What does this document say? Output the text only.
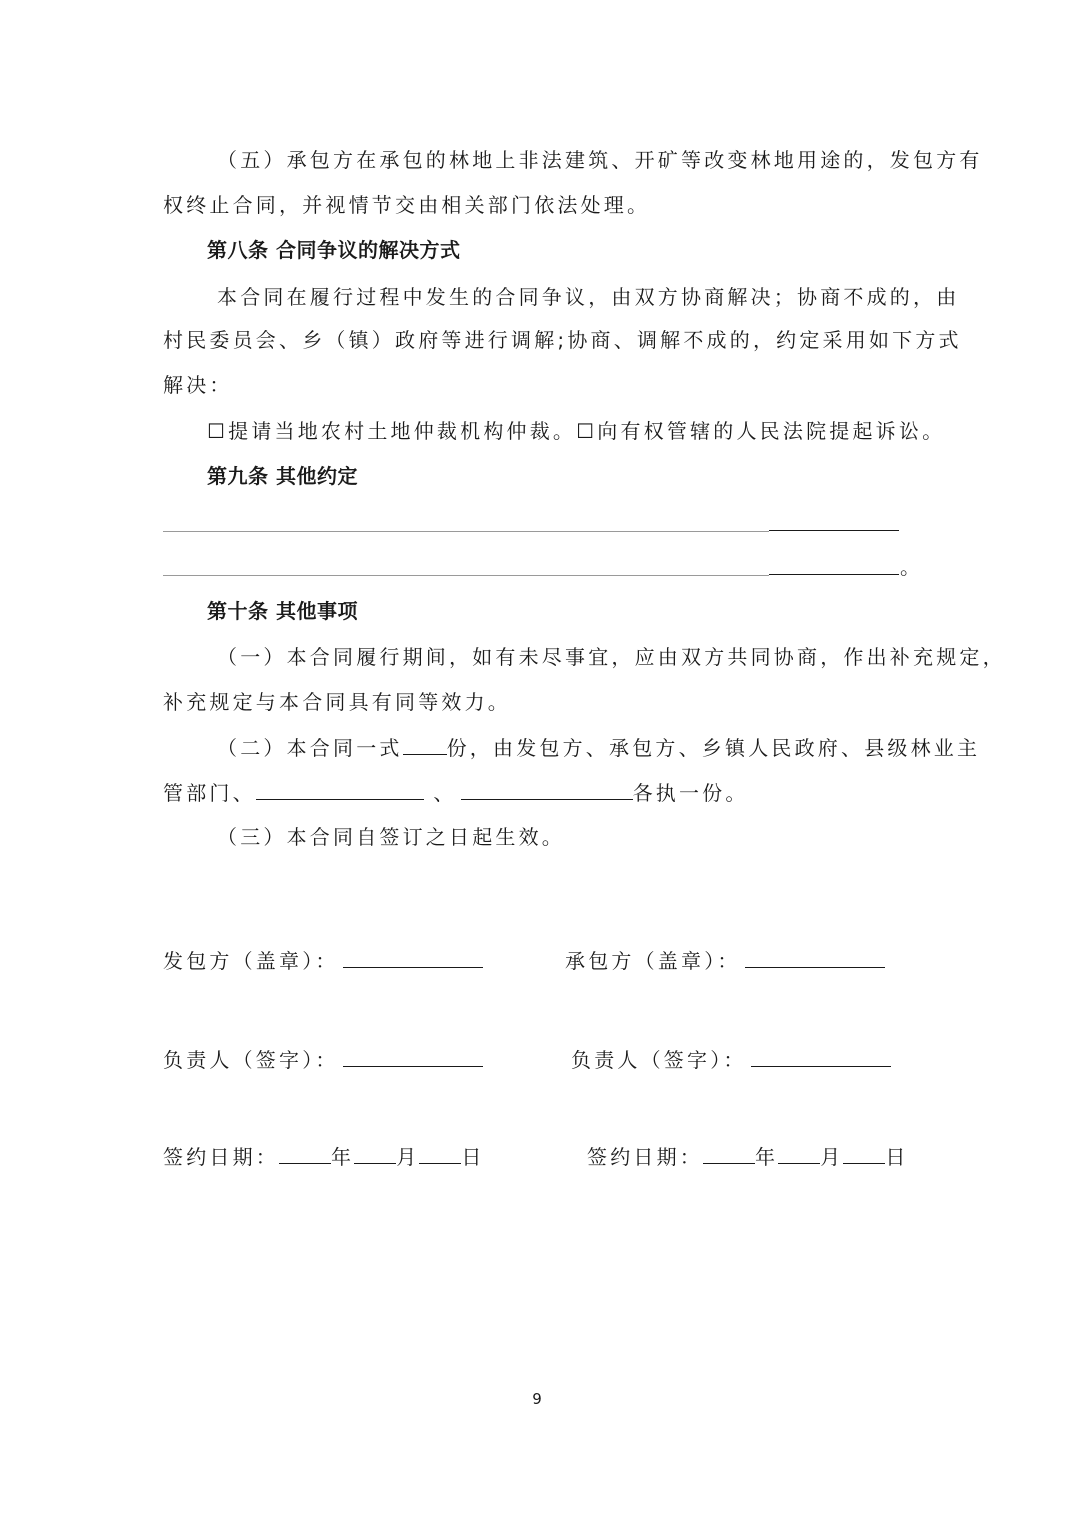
（五）承包方在承包的林地上非法建筑、开矿等改变林地用途的，发包方有
权终止合同，并视情节交由相关部门依法处理。
第八条 合同争议的解决方式
本合同在履行过程中发生的合同争议，由双方协商解决；协商不成的，由
村民委员会、乡（镇）政府等进行调解;协商、调解不成的，约定采用如下方式
解决：
☐提请当地农村土地仲裁机构仲裁。☐向有权管辖的人民法院提起诉讼。
第九条 其他约定
。
第十条 其他事项
（一）本合同履行期间，如有未尽事宜，应由双方共同协商，作出补充规定，
补充规定与本合同具有同等效力。
（二）本合同一式 份，由发包方、承包方、乡镇人民政府、县级林业主
管部门、	、	各执一份。
（三）本合同自签订之日起生效。
发包方（盖章）：	承包方（盖章）：
负责人（签字）：	负责人（签字）：
签约日期：	年 月 日	签约日期：	年 月 日
9
